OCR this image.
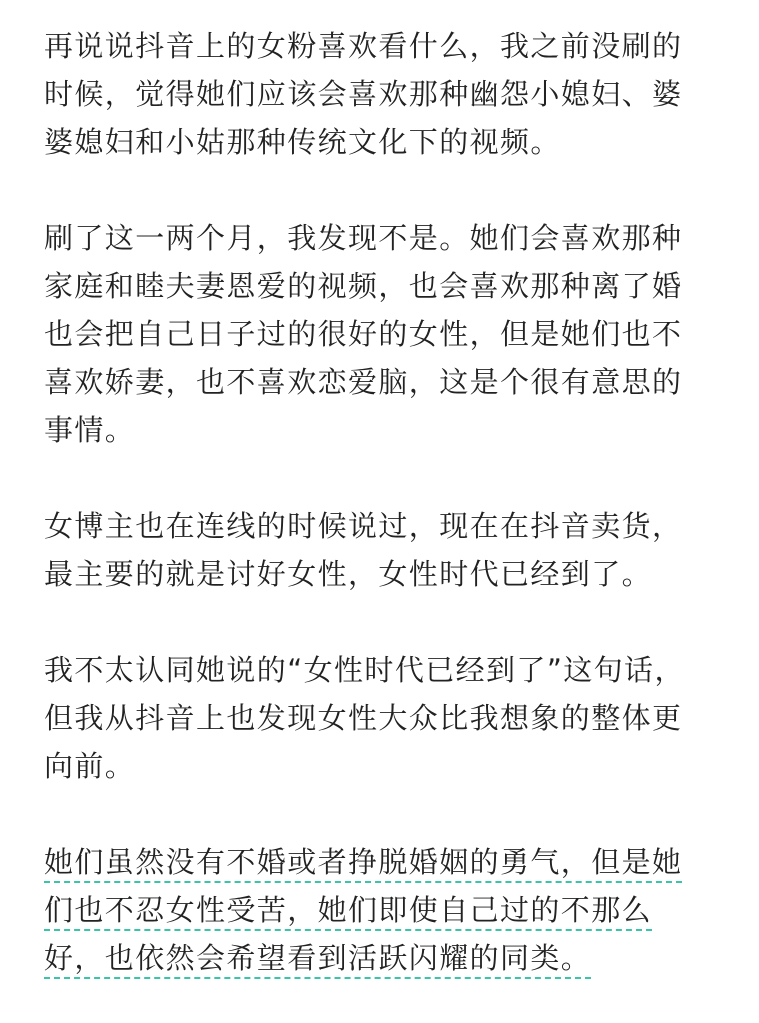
再说说抖音上的女粉喜欢看什么，我之前没刷的
时候，觉得她们应该会喜欢那种幽怨小媳妇、婆
婆媳妇和小姑那种传统文化下的视频。
刷了这一两个月，我发现不是。她们会喜欢那种
家庭和睦夫妻恩爱的视频，也会喜欢那种离了婚
也会把自己日子过的很好的女性，但是她们也不
喜欢娇妻，也不喜欢恋爱脑，这是个很有意思的
事情。
女博主也在连线的时候说过，现在在抖音卖货，
最主要的就是讨好女性，女性时代已经到了。
我不太认同她说的“女性时代已经到了”这句话，
但我从抖音上也发现女性大众比我想象的整体更
向前。
她们虽然没有不婚或者挣脱婚姻的勇气，但是她
们也不忍女性受苦，她们即使自己过的不那么
好，也依然会希望看到活跃闪耀的同类。
